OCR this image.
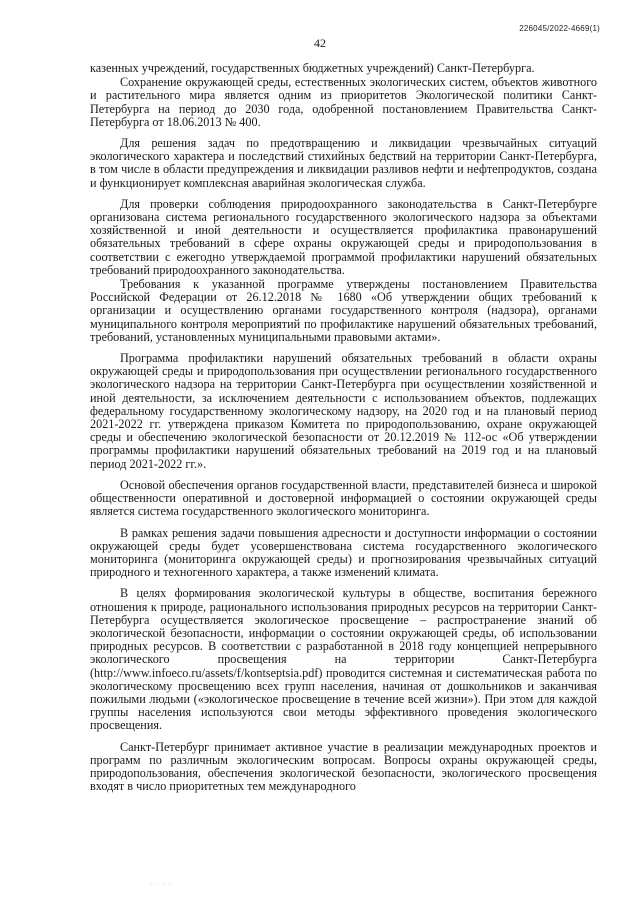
226045/2022-4669(1)
42

казенных учреждений, государственных бюджетных учреждений) Санкт-Петербурга.

Сохранение окружающей среды, естественных экологических систем, объектов животного и растительного мира является одним из приоритетов Экологической политики Санкт-Петербурга на период до 2030 года, одобренной постановлением Правительства Санкт-Петербурга от 18.06.2013 № 400.

Для решения задач по предотвращению и ликвидации чрезвычайных ситуаций экологического характера и последствий стихийных бедствий на территории Санкт-Петербурга, в том числе в области предупреждения и ликвидации разливов нефти и нефтепродуктов, создана и функционирует комплексная аварийная экологическая служба.

Для проверки соблюдения природоохранного законодательства в Санкт-Петербурге организована система регионального государственного экологического надзора за объектами хозяйственной и иной деятельности и осуществляется профилактика правонарушений обязательных требований в сфере охраны окружающей среды и природопользования в соответствии с ежегодно утверждаемой программой профилактики нарушений обязательных требований природоохранного законодательства.

Требования к указанной программе утверждены постановлением Правительства Российской Федерации от 26.12.2018 № 1680 «Об утверждении общих требований к организации и осуществлению органами государственного контроля (надзора), органами муниципального контроля мероприятий по профилактике нарушений обязательных требований, требований, установленных муниципальными правовыми актами».

Программа профилактики нарушений обязательных требований в области охраны окружающей среды и природопользования при осуществлении регионального государственного экологического надзора на территории Санкт-Петербурга при осуществлении хозяйственной и иной деятельности, за исключением деятельности с использованием объектов, подлежащих федеральному государственному экологическому надзору, на 2020 год и на плановый период 2021-2022 гг. утверждена приказом Комитета по природопользованию, охране окружающей среды и обеспечению экологической безопасности от 20.12.2019 № 112-ос «Об утверждении программы профилактики нарушений обязательных требований на 2019 год и на плановый период 2021-2022 гг.».

Основой обеспечения органов государственной власти, представителей бизнеса и широкой общественности оперативной и достоверной информацией о состоянии окружающей среды является система государственного экологического мониторинга.

В рамках решения задачи повышения адресности и доступности информации о состоянии окружающей среды будет усовершенствована система государственного экологического мониторинга (мониторинга окружающей среды) и прогнозирования чрезвычайных ситуаций природного и техногенного характера, а также изменений климата.

В целях формирования экологической культуры в обществе, воспитания бережного отношения к природе, рационального использования природных ресурсов на территории Санкт-Петербурга осуществляется экологическое просвещение – распространение знаний об экологической безопасности, информации о состоянии окружающей среды, об использовании природных ресурсов. В соответствии с разработанной в 2018 году концепцией непрерывного экологического просвещения на территории Санкт-Петербурга (http://www.infoeco.ru/assets/f/kontseptsia.pdf) проводится системная и систематическая работа по экологическому просвещению всех групп населения, начиная от дошкольников и заканчивая пожилыми людьми («экологическое просвещение в течение всей жизни»). При этом для каждой группы населения используются свои методы эффективного проведения экологического просвещения.

Санкт-Петербург принимает активное участие в реализации международных проектов и программ по различным экологическим вопросам. Вопросы охраны окружающей среды, природопользования, обеспечения экологической безопасности, экологического просвещения входят в число приоритетных тем международного

· · · ·
